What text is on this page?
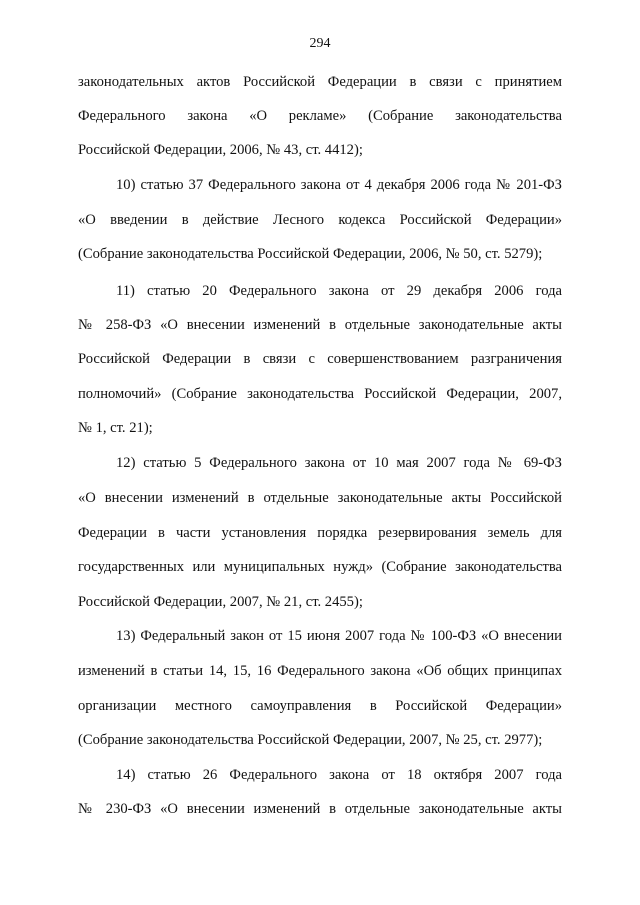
294
законодательных актов Российской Федерации в связи с принятием
Федерального закона «О рекламе» (Собрание законодательства
Российской Федерации, 2006, № 43, ст. 4412);
10) статью 37 Федерального закона от 4 декабря 2006 года № 201-ФЗ
«О введении в действие Лесного кодекса Российской Федерации»
(Собрание законодательства Российской Федерации, 2006, № 50, ст. 5279);
11) статью 20 Федерального закона от 29 декабря 2006 года
№ 258-ФЗ «О внесении изменений в отдельные законодательные акты
Российской Федерации в связи с совершенствованием разграничения
полномочий» (Собрание законодательства Российской Федерации, 2007,
№ 1, ст. 21);
12) статью 5 Федерального закона от 10 мая 2007 года № 69-ФЗ
«О внесении изменений в отдельные законодательные акты Российской
Федерации в части установления порядка резервирования земель для
государственных или муниципальных нужд» (Собрание законодательства
Российской Федерации, 2007, № 21, ст. 2455);
13) Федеральный закон от 15 июня 2007 года № 100-ФЗ «О внесении
изменений в статьи 14, 15, 16 Федерального закона «Об общих принципах
организации местного самоуправления в Российской Федерации»
(Собрание законодательства Российской Федерации, 2007, № 25, ст. 2977);
14) статью 26 Федерального закона от 18 октября 2007 года
№ 230-ФЗ «О внесении изменений в отдельные законодательные акты
